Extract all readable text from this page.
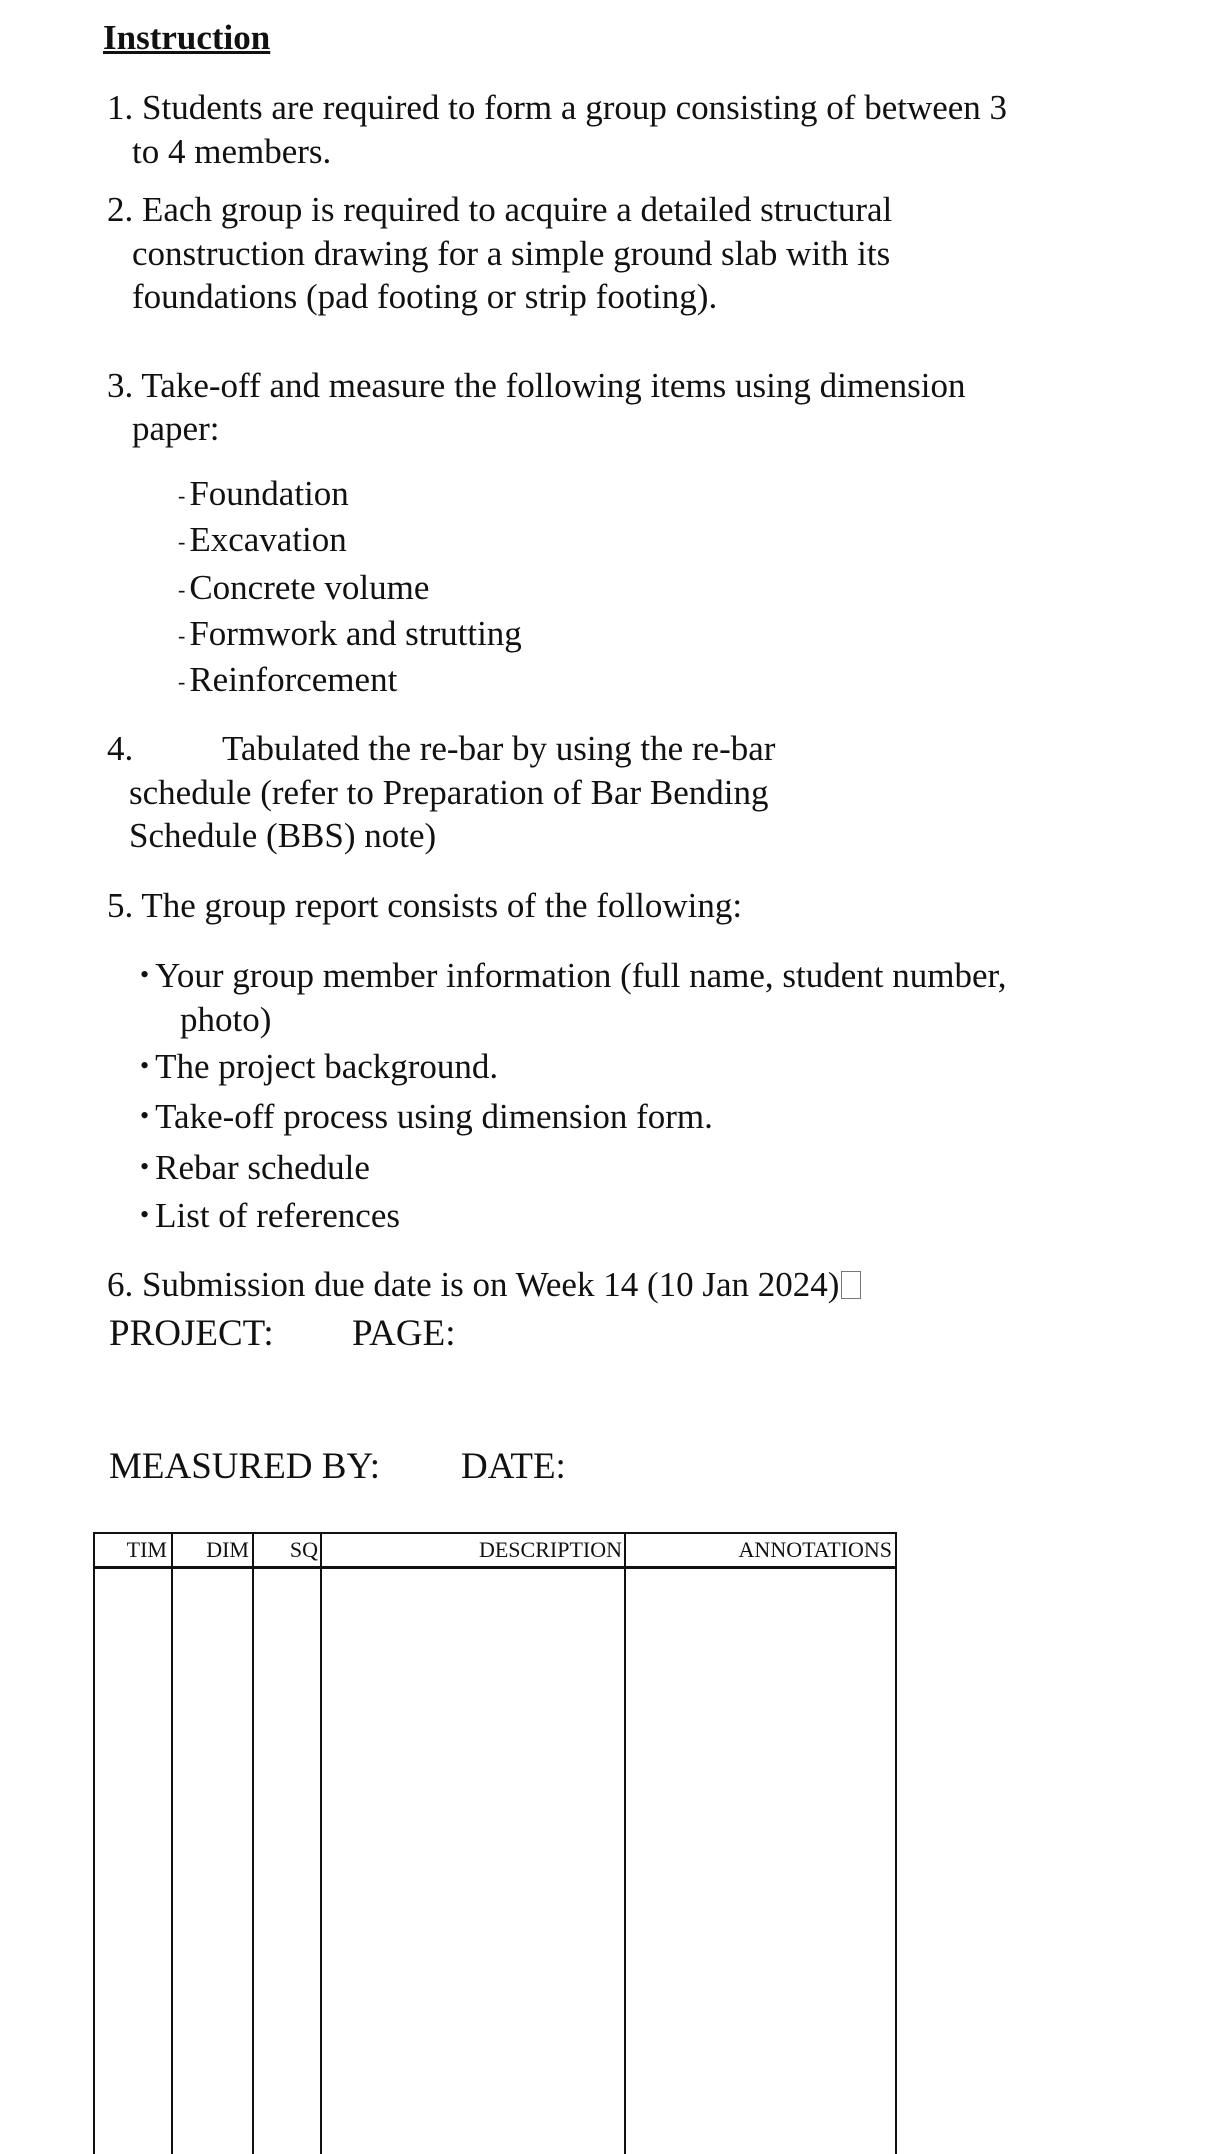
Instruction
1. Students are required to form a group consisting of between 3
to 4 members.
2. Each group is required to acquire a detailed structural
construction drawing for a simple ground slab with its
foundations (pad footing or strip footing).
3. Take-off and measure the following items using dimension
paper:
- Foundation
- Excavation
- Concrete volume
- Formwork and strutting
- Reinforcement
4.	Tabulated the re-bar by using the re-bar
schedule (refer to Preparation of Bar Bending
Schedule (BBS) note)
5. The group report consists of the following:
• Your group member information (full name, student number,
photo)
• The project background.
• Take-off process using dimension form.
• Rebar schedule
• List of references
6. Submission due date is on Week 14 (10 Jan 2024)
PROJECT: PAGE:
MEASURED BY: DATE:
TIM	DIM	SQ	DESCRIPTION	ANNOTATIONS
